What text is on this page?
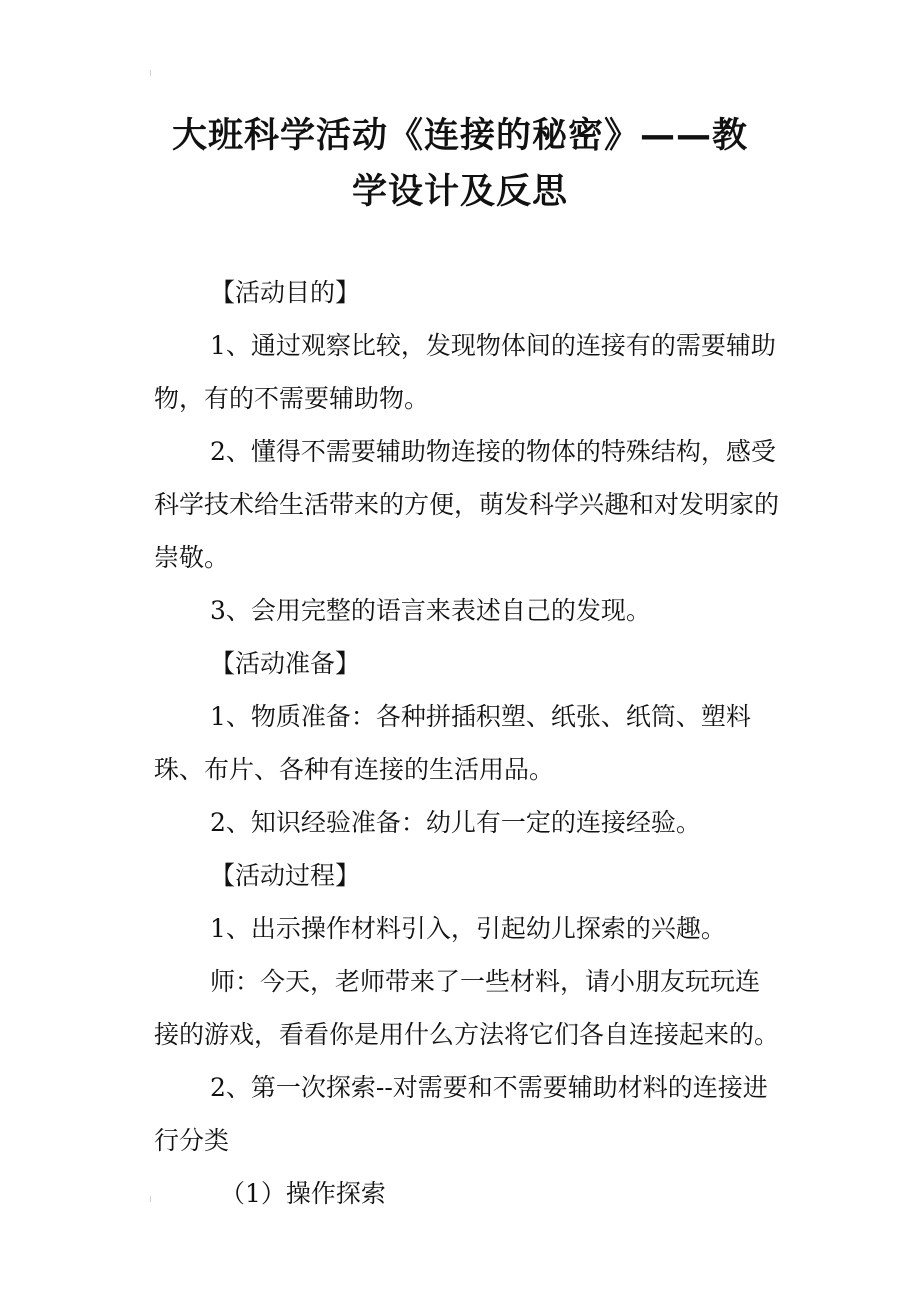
大班科学活动《连接的秘密》——教
学设计及反思

【活动目的】

1、通过观察比较，发现物体间的连接有的需要辅助物，有的不需要辅助物。

2、懂得不需要辅助物连接的物体的特殊结构，感受科学技术给生活带来的方便，萌发科学兴趣和对发明家的崇敬。

3、会用完整的语言来表述自己的发现。

【活动准备】

1、物质准备：各种拼插积塑、纸张、纸筒、塑料珠、布片、各种有连接的生活用品。

2、知识经验准备：幼儿有一定的连接经验。

【活动过程】

1、出示操作材料引入，引起幼儿探索的兴趣。

师：今天，老师带来了一些材料，请小朋友玩玩连接的游戏，看看你是用什么方法将它们各自连接起来的。

2、第一次探索--对需要和不需要辅助材料的连接进行分类

（1）操作探索
